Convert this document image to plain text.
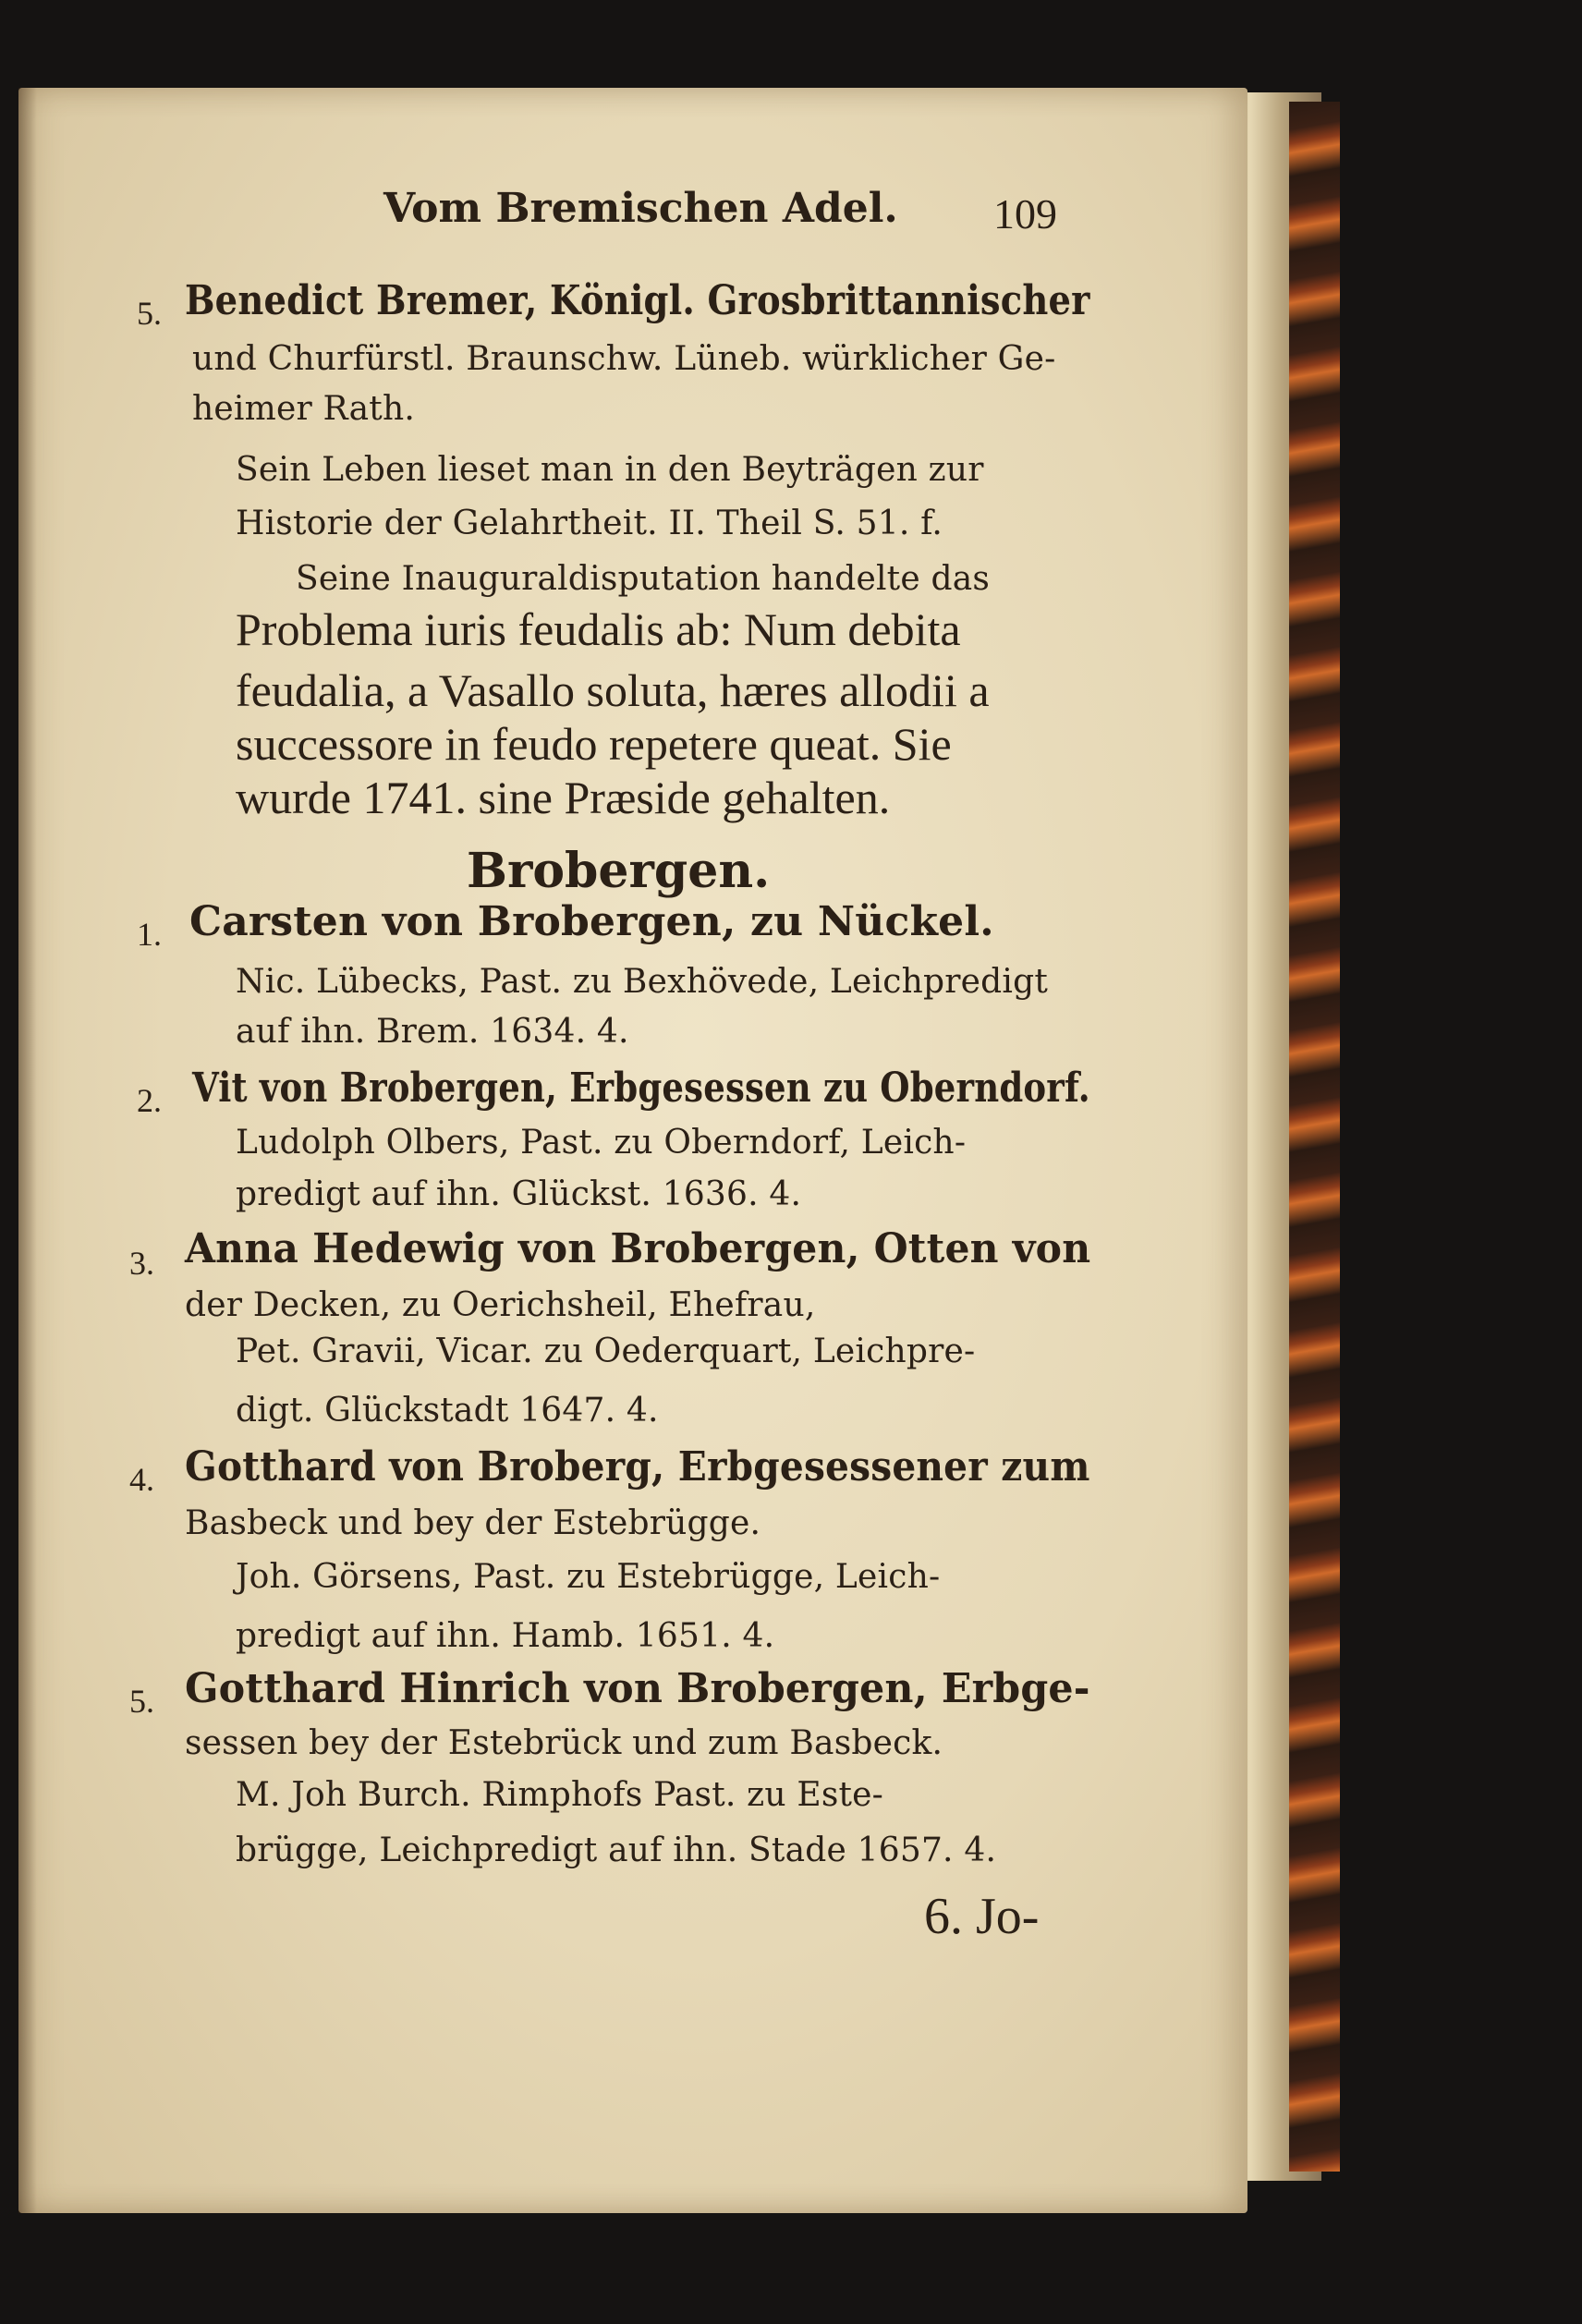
Vom Bremischen Adel. 109
5. Benedict Bremer, Königl. Grosbrittannischer
und Churfürstl. Braunschw. Lüneb. würklicher Ge-
heimer Rath.
Sein Leben lieset man in den Beyträgen zur
Historie der Gelahrtheit. II. Theil S. 51. f.
Seine Inauguraldisputation handelte das
Problema iuris feudalis ab: Num debita
feudalia, a Vasallo soluta, hæres allodii a
successore in feudo repetere queat. Sie
wurde 1741. sine Præside gehalten.
Brobergen.
1. Carsten von Brobergen, zu Nückel.
Nic. Lübecks, Past. zu Bexhövede, Leichpredigt
auf ihn. Brem. 1634. 4.
2. Vit von Brobergen, Erbgesessen zu Oberndorf.
Ludolph Olbers, Past. zu Oberndorf, Leich-
predigt auf ihn. Glückst. 1636. 4.
3. Anna Hedewig von Brobergen, Otten von
der Decken, zu Oerichsheil, Ehefrau,
Pet. Gravii, Vicar. zu Oederquart, Leichpre-
digt. Glückstadt 1647. 4.
4. Gotthard von Broberg, Erbgesessener zum
Basbeck und bey der Estebrügge.
Joh. Görsens, Past. zu Estebrügge, Leich-
predigt auf ihn. Hamb. 1651. 4.
5. Gotthard Hinrich von Brobergen, Erbge-
sessen bey der Estebrück und zum Basbeck.
M. Joh Burch. Rimphofs Past. zu Este-
brügge, Leichpredigt auf ihn. Stade 1657. 4.
6. Jo-
